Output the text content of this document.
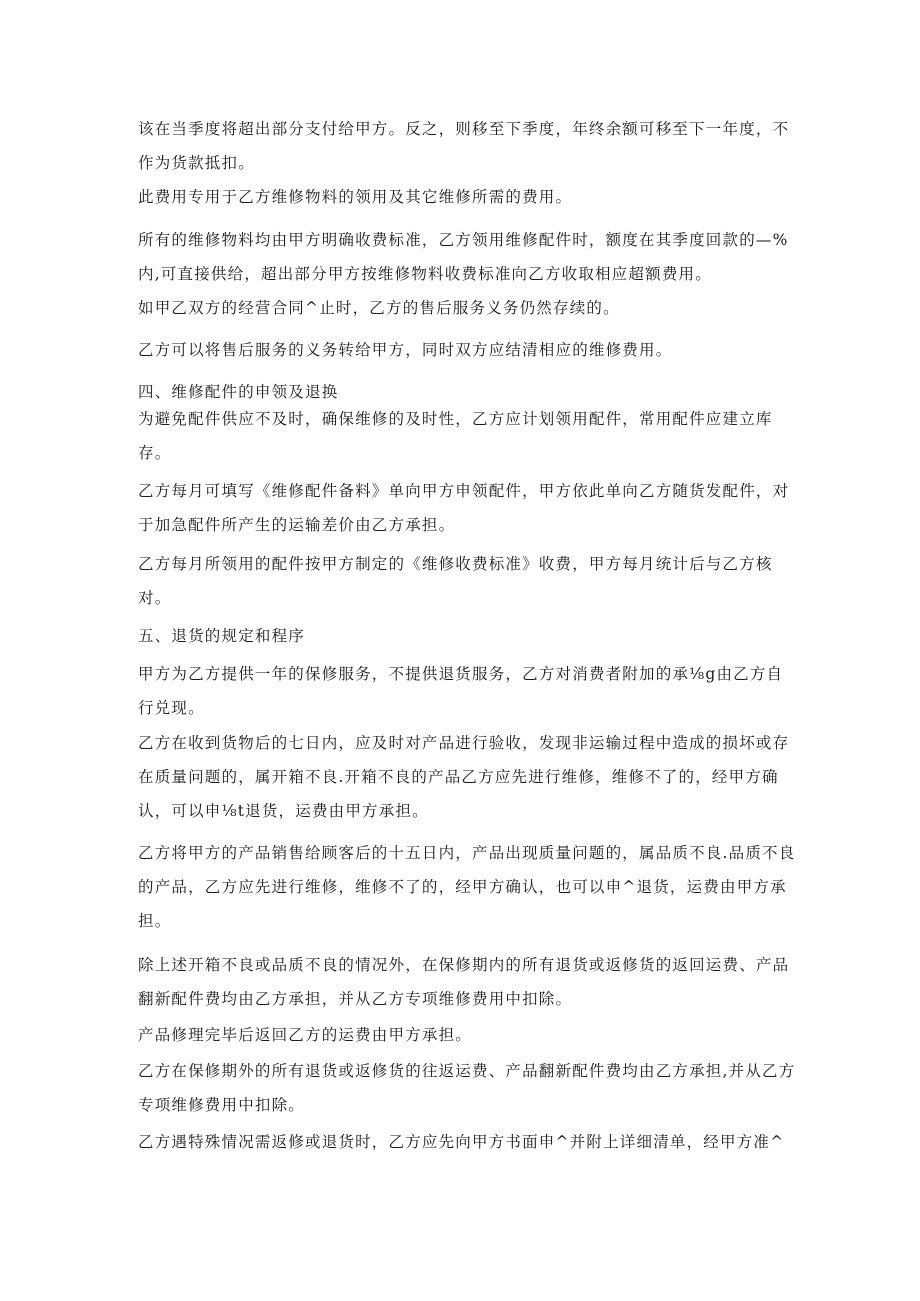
该在当季度将超出部分支付给甲方。反之，则移至下季度，年终余额可移至下一年度，不作为货款抵扣。

此费用专用于乙方维修物料的领用及其它维修所需的费用。

所有的维修物料均由甲方明确收费标准，乙方领用维修配件时，额度在其季度回款的—%内,可直接供给，超出部分甲方按维修物料收费标准向乙方收取相应超额费用。

如甲乙双方的经营合同^止时，乙方的售后服务义务仍然存续的。

乙方可以将售后服务的义务转给甲方，同时双方应结清相应的维修费用。

四、维修配件的申领及退换

为避免配件供应不及时，确保维修的及时性，乙方应计划领用配件，常用配件应建立库存。

乙方每月可填写《维修配件备料》单向甲方申领配件，甲方依此单向乙方随货发配件，对于加急配件所产生的运输差价由乙方承担。

乙方每月所领用的配件按甲方制定的《维修收费标准》收费，甲方每月统计后与乙方核对。

五、退货的规定和程序

甲方为乙方提供一年的保修服务，不提供退货服务，乙方对消费者附加的承⅛g由乙方自行兑现。

乙方在收到货物后的七日内，应及时对产品进行验收，发现非运输过程中造成的损坏或存在质量问题的，属开箱不良.开箱不良的产品乙方应先进行维修，维修不了的，经甲方确认，可以申⅛t退货，运费由甲方承担。

乙方将甲方的产品销售给顾客后的十五日内，产品出现质量问题的，属品质不良.品质不良的产品，乙方应先进行维修，维修不了的，经甲方确认，也可以申^退货，运费由甲方承担。

除上述开箱不良或品质不良的情况外，在保修期内的所有退货或返修货的返回运费、产品翻新配件费均由乙方承担，并从乙方专项维修费用中扣除。

产品修理完毕后返回乙方的运费由甲方承担。

乙方在保修期外的所有退货或返修货的往返运费、产品翻新配件费均由乙方承担,并从乙方专项维修费用中扣除。

乙方遇特殊情况需返修或退货时，乙方应先向甲方书面申^并附上详细清单，经甲方准^
